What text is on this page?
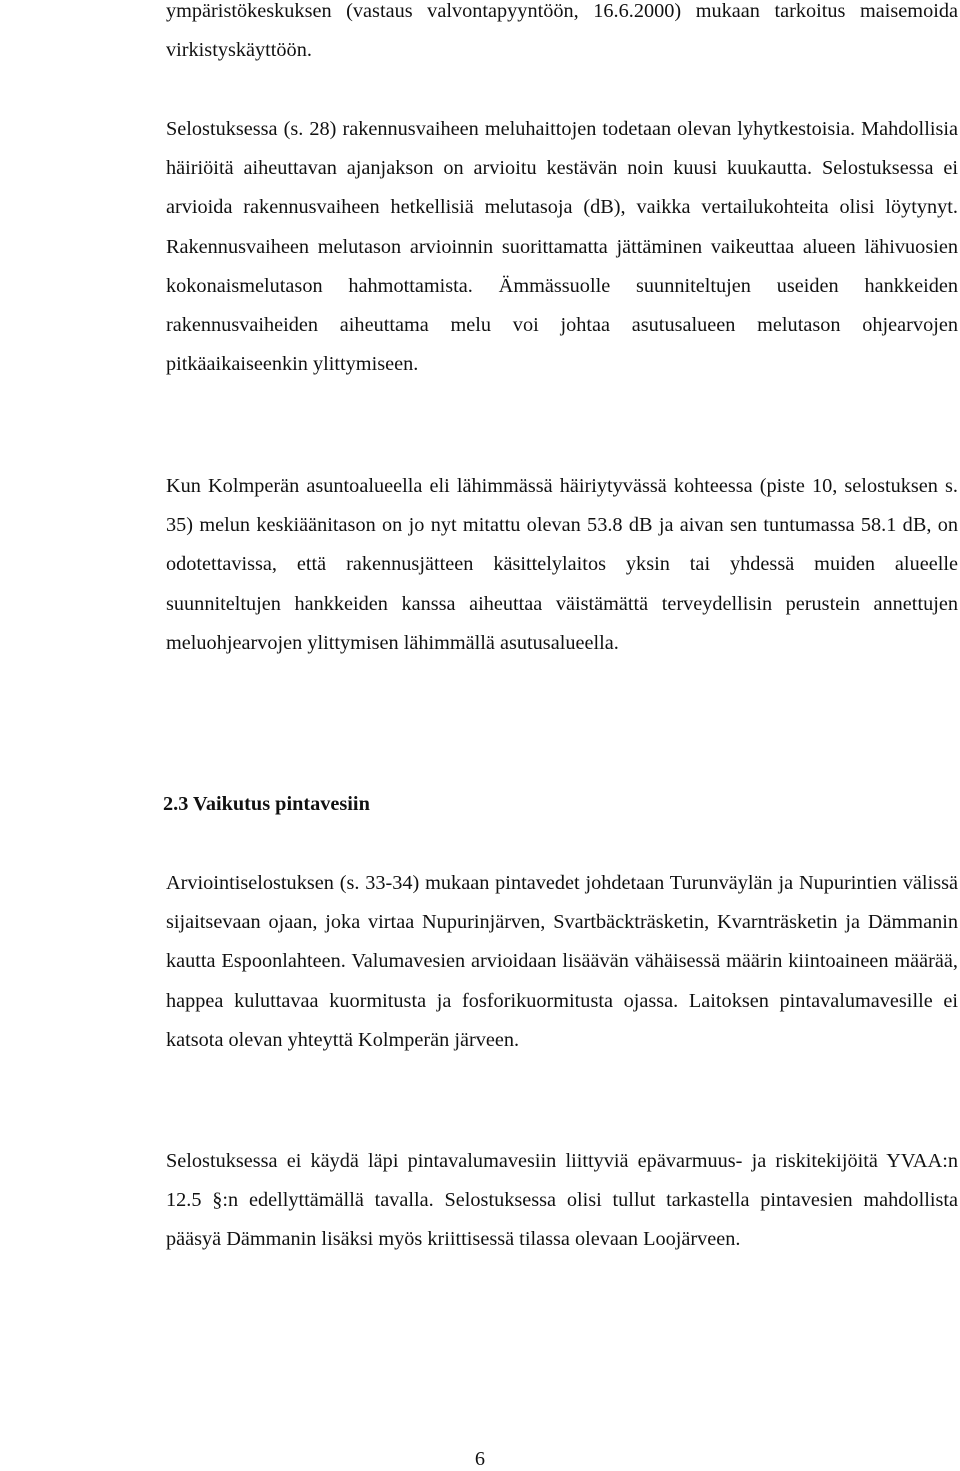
ympäristökeskuksen (vastaus valvontapyyntöön, 16.6.2000) mukaan tarkoitus maisemoida virkistyskäyttöön.

Selostuksessa (s. 28) rakennusvaiheen meluhaittojen todetaan olevan lyhytkestoisia. Mahdollisia häiriöitä aiheuttavan ajanjakson on arvioitu kestävän noin kuusi kuukautta. Selostuksessa ei arvioida rakennusvaiheen hetkellisiä melutasoja (dB), vaikka vertailukohteita olisi löytynyt. Rakennusvaiheen melutason arvioinnin suorittamatta jättäminen vaikeuttaa alueen lähivuosien kokonaismelutason hahmottamista. Ämmässuolle suunniteltujen useiden hankkeiden rakennusvaiheiden aiheuttama melu voi johtaa asutusalueen melutason ohjearvojen pitkäaikaiseenkin ylittymiseen.

Kun Kolmperän asuntoalueella eli lähimmässä häiriytyvässä kohteessa (piste 10, selostuksen s. 35) melun keskiäänitason on jo nyt mitattu olevan 53.8 dB ja aivan sen tuntumassa 58.1 dB, on odotettavissa, että rakennusjätteen käsittelylaitos yksin tai yhdessä muiden alueelle suunniteltujen hankkeiden kanssa aiheuttaa väistämättä terveydellisin perustein annettujen meluohjearvojen ylittymisen lähimmällä asutusalueella.

2.3 Vaikutus pintavesiin

Arviointiselostuksen (s. 33-34) mukaan pintavedet johdetaan Turunväylän ja Nupurintien välissä sijaitsevaan ojaan, joka virtaa Nupurinjärven, Svartbäckträsketin, Kvarnträsketin ja Dämmanin kautta Espoonlahteen. Valumavesien arvioidaan lisäävän vähäisessä määrin kiintoaineen määrää, happea kuluttavaa kuormitusta ja fosforikuormitusta ojassa. Laitoksen pintavalumavesille ei katsota olevan yhteyttä Kolmperän järveen.

Selostuksessa ei käydä läpi pintavalumavesiin liittyviä epävarmuus- ja riskitekijöitä YVAA:n 12.5 §:n edellyttämällä tavalla. Selostuksessa olisi tullut tarkastella pintavesien mahdollista pääsyä Dämmanin lisäksi myös kriittisessä tilassa olevaan Loojärveen.

6
